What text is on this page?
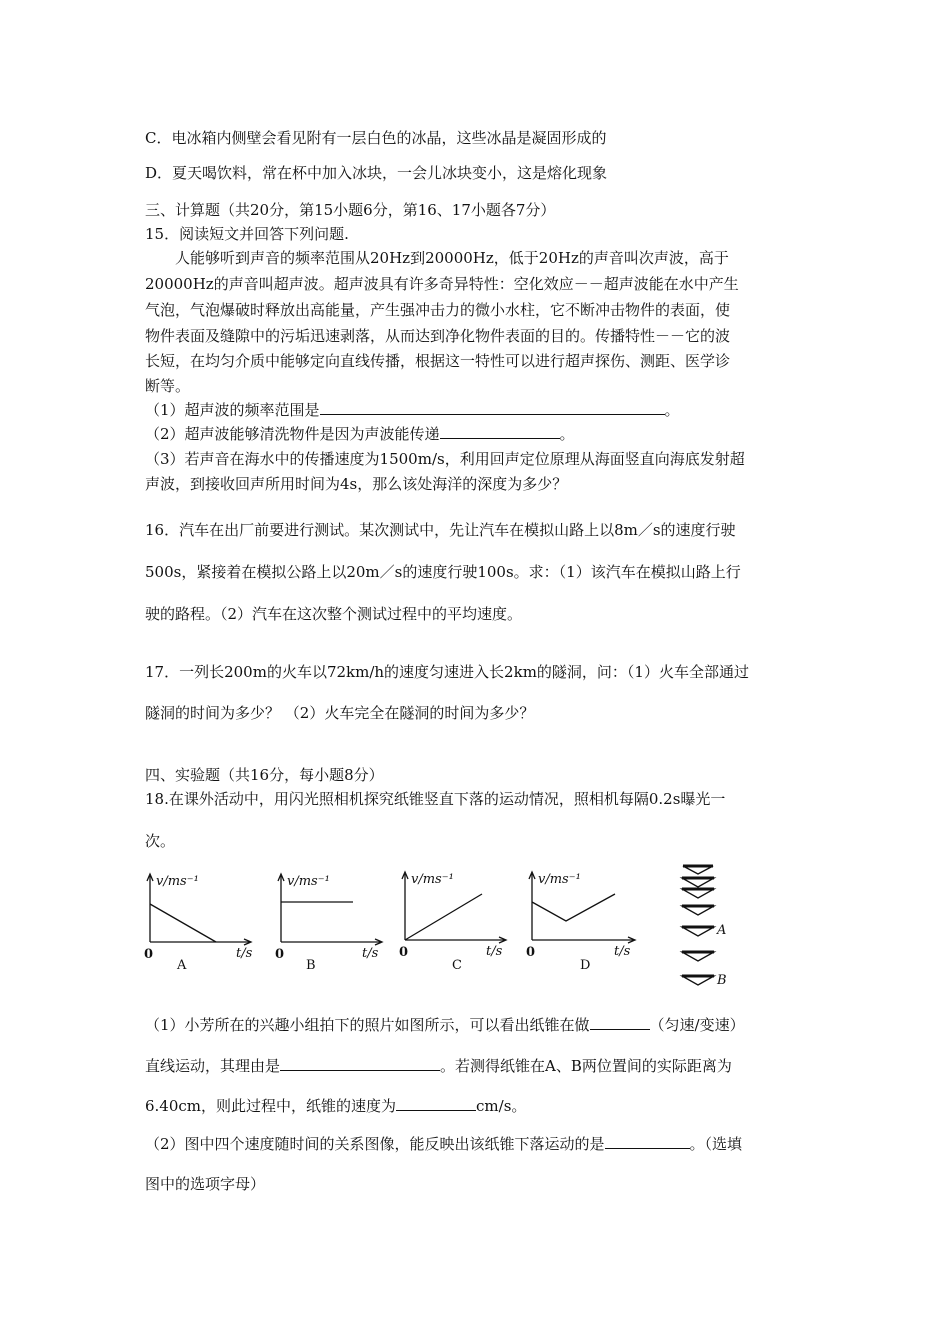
C．电冰箱内侧壁会看见附有一层白色的冰晶，这些冰晶是凝固形成的
D．夏天喝饮料，常在杯中加入冰块，一会儿冰块变小，这是熔化现象
三、计算题（共20分，第15小题6分，第16、17小题各7分）
15．阅读短文并回答下列问题.
人能够听到声音的频率范围从20Hz到20000Hz，低于20Hz的声音叫次声波，高于
20000Hz的声音叫超声波。超声波具有许多奇异特性：空化效应－－超声波能在水中产生
气泡，气泡爆破时释放出高能量，产生强冲击力的微小水柱，它不断冲击物件的表面，使
物件表面及缝隙中的污垢迅速剥落，从而达到净化物件表面的目的。传播特性－－它的波
长短，在均匀介质中能够定向直线传播，根据这一特性可以进行超声探伤、测距、医学诊
断等。
（1）超声波的频率范围是	。
（2）超声波能够清洗物件是因为声波能传递	。
（3）若声音在海水中的传播速度为1500m/s，利用回声定位原理从海面竖直向海底发射超
声波，到接收回声所用时间为4s，那么该处海洋的深度为多少？
16．汽车在出厂前要进行测试。某次测试中，先让汽车在模拟山路上以8m／s的速度行驶
500s，紧接着在模拟公路上以20m／s的速度行驶100s。求：（1）该汽车在模拟山路上行
驶的路程。（2）汽车在这次整个测试过程中的平均速度。
17．一列长200m的火车以72km/h的速度匀速进入长2km的隧洞，问：（1）火车全部通过
隧洞的时间为多少？ （2）火车完全在隧洞的时间为多少？
四、实验题（共16分，每小题8分）
18.在课外活动中，用闪光照相机探究纸锥竖直下落的运动情况，照相机每隔0.2s曝光一
次。
v/ms⁻¹	v/ms⁻¹	v/ms⁻¹	v/ms⁻¹
t/s	t/s	t/s	t/s
0	0	0	0
A	B	C	D
A
B
（1）小芳所在的兴趣小组拍下的照片如图所示，可以看出纸锥在做	（匀速/变速）
直线运动，其理由是	。若测得纸锥在A、B两位置间的实际距离为
6.40cm，则此过程中，纸锥的速度为	cm/s。
（2）图中四个速度随时间的关系图像，能反映出该纸锥下落运动的是	。（选填
图中的选项字母）
